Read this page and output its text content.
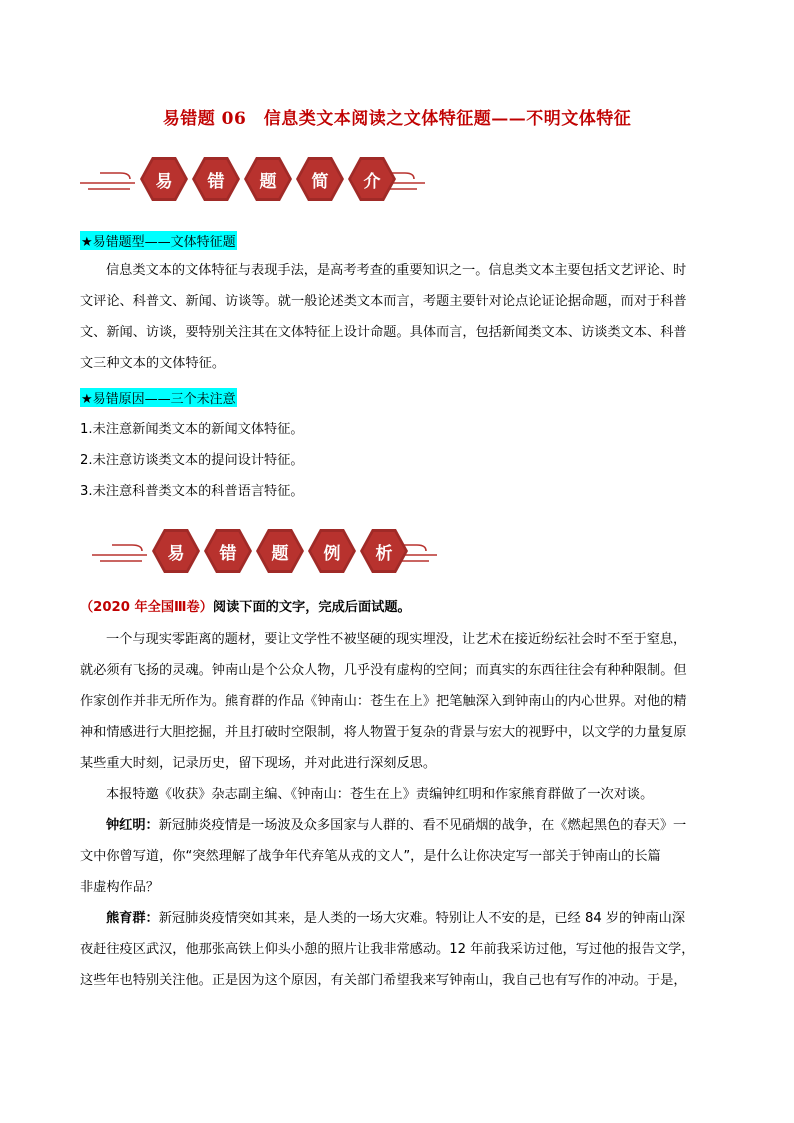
易错题 06　信息类文本阅读之文体特征题——不明文体特征
易 错 题 简 介
★易错题型——文体特征题
信息类文本的文体特征与表现手法，是高考考查的重要知识之一。信息类文本主要包括文艺评论、时
文评论、科普文、新闻、访谈等。就一般论述类文本而言，考题主要针对论点论证论据命题，而对于科普
文、新闻、访谈，要特别关注其在文体特征上设计命题。具体而言，包括新闻类文本、访谈类文本、科普
文三种文本的文体特征。
★易错原因——三个未注意
1.未注意新闻类文本的新闻文体特征。
2.未注意访谈类文本的提问设计特征。
3.未注意科普类文本的科普语言特征。
易 错 题 例 析
（2020 年全国Ⅲ卷）阅读下面的文字，完成后面试题。
一个与现实零距离的题材，要让文学性不被坚硬的现实埋没，让艺术在接近纷纭社会时不至于窒息，
就必须有飞扬的灵魂。钟南山是个公众人物，几乎没有虚构的空间；而真实的东西往往会有种种限制。但
作家创作并非无所作为。熊育群的作品《钟南山：苍生在上》把笔触深入到钟南山的内心世界。对他的精
神和情感进行大胆挖掘，并且打破时空限制，将人物置于复杂的背景与宏大的视野中，以文学的力量复原
某些重大时刻，记录历史，留下现场，并对此进行深刻反思。
本报特邀《收获》杂志副主编、《钟南山：苍生在上》责编钟红明和作家熊育群做了一次对谈。
钟红明：新冠肺炎疫情是一场波及众多国家与人群的、看不见硝烟的战争，在《燃起黑色的春天》一
文中你曾写道，你“突然理解了战争年代弃笔从戎的文人”，是什么让你决定写一部关于钟南山的长篇
非虚构作品？
熊育群：新冠肺炎疫情突如其来，是人类的一场大灾难。特别让人不安的是，已经 84 岁的钟南山深
夜赶往疫区武汉，他那张高铁上仰头小憩的照片让我非常感动。12 年前我采访过他，写过他的报告文学，
这些年也特别关注他。正是因为这个原因，有关部门希望我来写钟南山，我自己也有写作的冲动。于是，
